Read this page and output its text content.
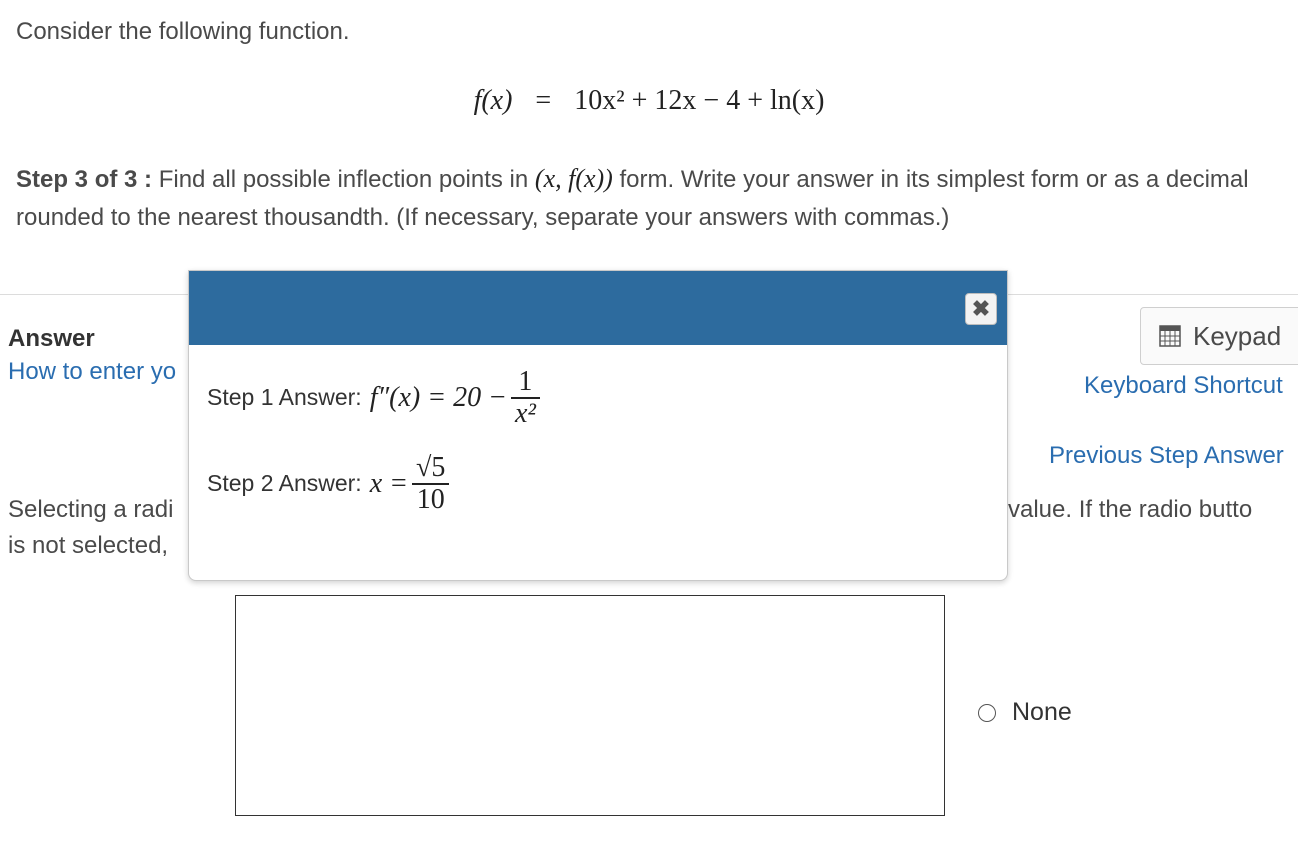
Consider the following function.
f(x) = 10x² + 12x − 4 + ln(x)
Step 3 of 3 : Find all possible inflection points in (x, f(x)) form. Write your answer in its simplest form or as a decimal rounded to the nearest thousandth. (If necessary, separate your answers with commas.)
Answer
How to enter yo
Keypad
Keyboard Shortcut
Previous Step Answer
Selecting a radi
is not selected,
value. If the radio butto
None
✖
Step 1 Answer: $f''(x) = 20 - \frac{1}{\text{x²}}$
Step 2 Answer: $x = \frac{√5}{10}$
